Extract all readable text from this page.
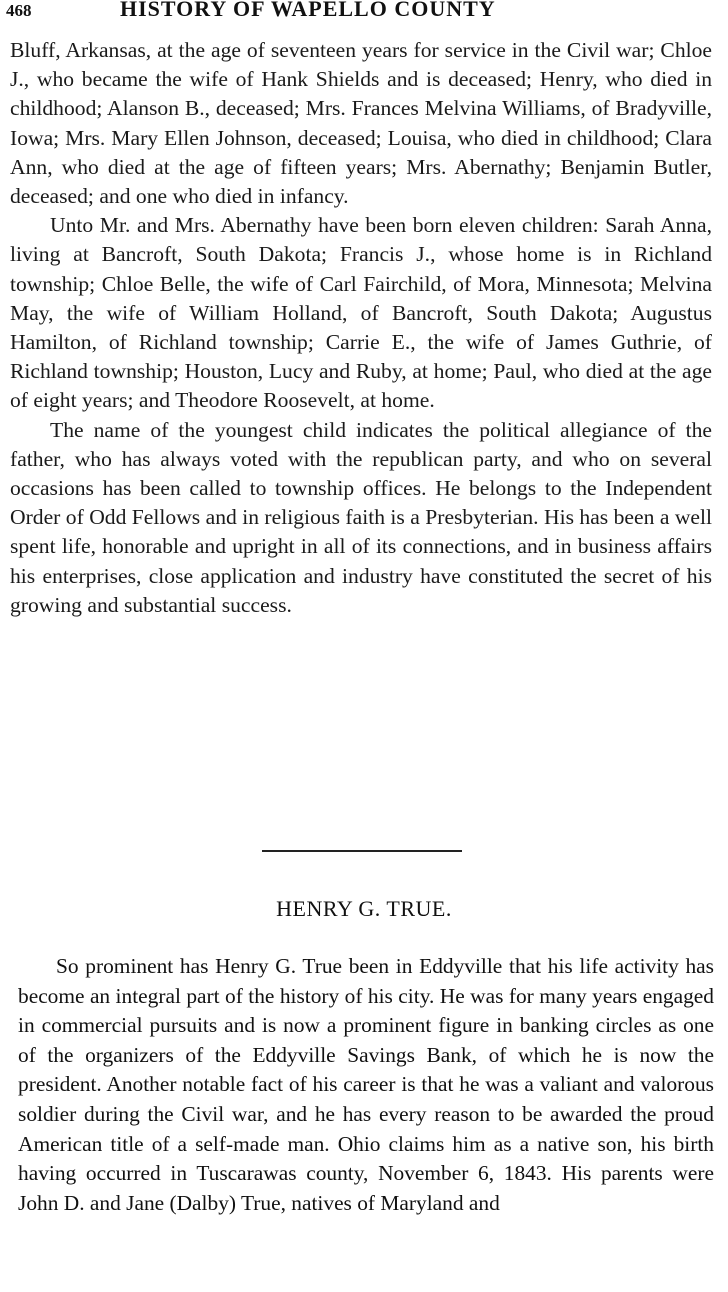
468	HISTORY OF WAPELLO COUNTY

Bluff, Arkansas, at the age of seventeen years for service in the Civil war; Chloe J., who became the wife of Hank Shields and is deceased; Henry, who died in childhood; Alanson B., deceased; Mrs. Frances Melvina Williams, of Bradyville, Iowa; Mrs. Mary Ellen Johnson, deceased; Louisa, who died in childhood; Clara Ann, who died at the age of fifteen years; Mrs. Abernathy; Benjamin Butler, deceased; and one who died in infancy.

Unto Mr. and Mrs. Abernathy have been born eleven children: Sarah Anna, living at Bancroft, South Dakota; Francis J., whose home is in Richland township; Chloe Belle, the wife of Carl Fairchild, of Mora, Minnesota; Melvina May, the wife of William Holland, of Bancroft, South Dakota; Augustus Hamilton, of Richland township; Carrie E., the wife of James Guthrie, of Richland township; Houston, Lucy and Ruby, at home; Paul, who died at the age of eight years; and Theodore Roosevelt, at home.

The name of the youngest child indicates the political allegiance of the father, who has always voted with the republican party, and who on several occasions has been called to township offices. He belongs to the Independent Order of Odd Fellows and in religious faith is a Presbyterian. His has been a well spent life, honorable and upright in all of its connections, and in business affairs his enterprises, close application and industry have constituted the secret of his growing and substantial success.

HENRY G. TRUE.

So prominent has Henry G. True been in Eddyville that his life activity has become an integral part of the history of his city. He was for many years engaged in commercial pursuits and is now a prominent figure in banking circles as one of the organizers of the Eddyville Savings Bank, of which he is now the president. Another notable fact of his career is that he was a valiant and valorous soldier during the Civil war, and he has every reason to be awarded the proud American title of a self-made man. Ohio claims him as a native son, his birth having occurred in Tuscarawas county, November 6, 1843. His parents were John D. and Jane (Dalby) True, natives of Maryland and
